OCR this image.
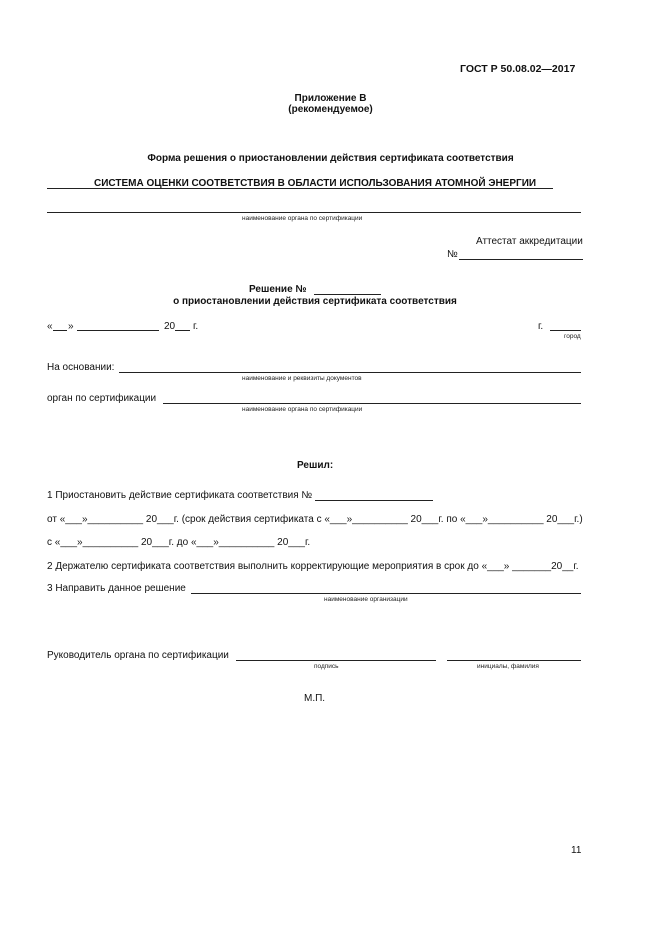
ГОСТ Р 50.08.02—2017
Приложение В
(рекомендуемое)
Форма решения о приостановлении действия сертификата соответствия
СИСТЕМА ОЦЕНКИ СООТВЕТСТВИЯ В ОБЛАСТИ ИСПОЛЬЗОВАНИЯ АТОМНОЙ ЭНЕРГИИ
наименование органа по сертификации
Аттестат аккредитации
№
Решение №
о приостановлении действия сертификата соответствия
« »	20 г.	г.
город
На основании:
наименование и реквизиты документов
орган по сертификации
наименование органа по сертификации
Решил:
1 Приостановить действие сертификата соответствия №
от «___»__________ 20___г. (срок действия сертификата с «___»__________ 20___г. по «___»__________ 20___г.)
с «___»__________ 20___г. до «___»__________ 20___г.
2 Держателю сертификата соответствия выполнить корректирующие мероприятия в срок до «___» _______20__г.
3 Направить данное решение
наименование организации
Руководитель органа по сертификации
подпись	инициалы, фамилия
М.П.
11
